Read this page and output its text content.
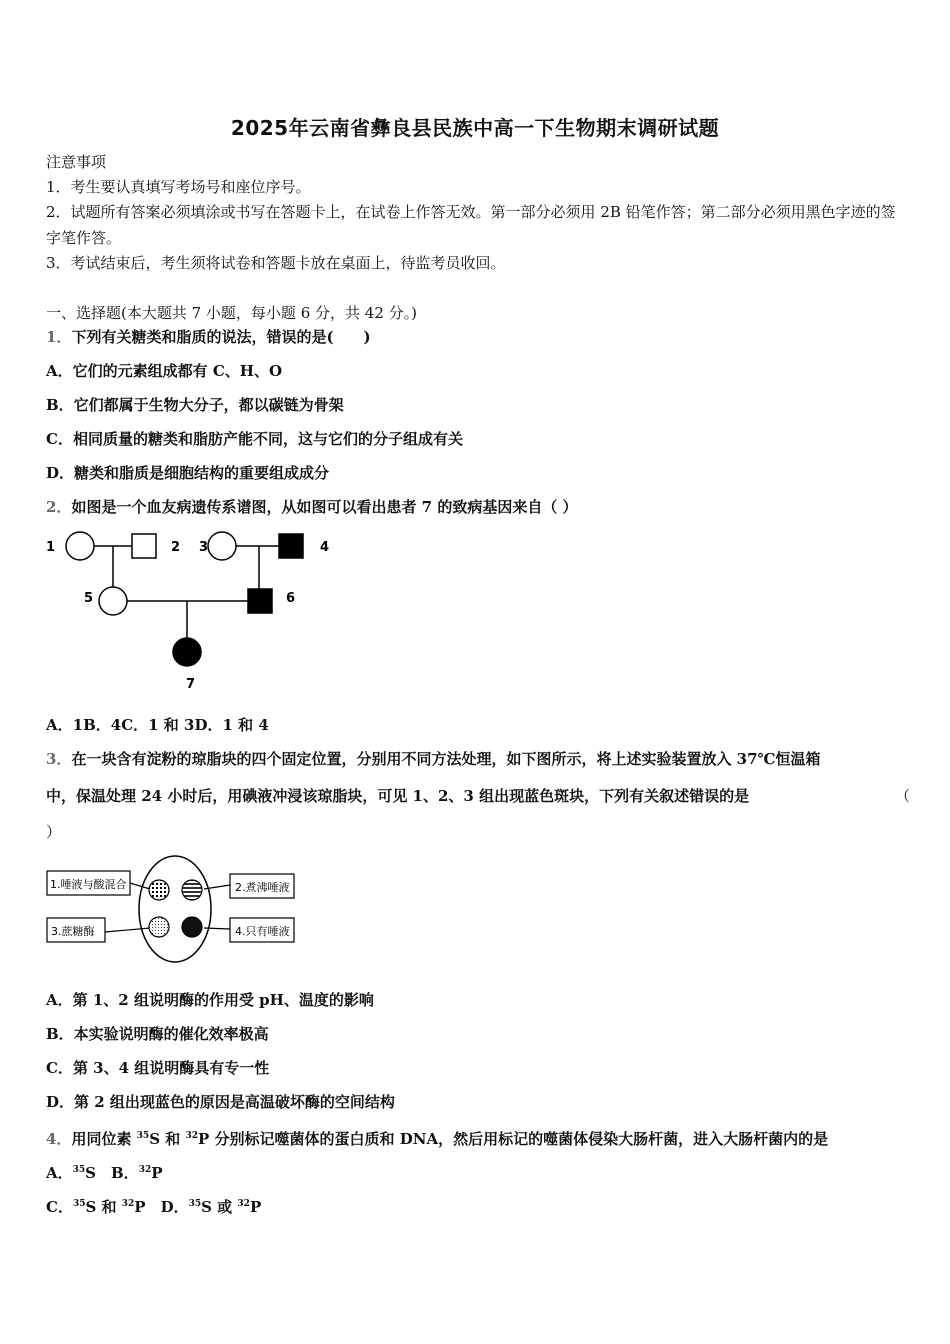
2025年云南省彝良县民族中高一下生物期末调研试题
注意事项
1．考生要认真填写考场号和座位序号。
2．试题所有答案必须填涂或书写在答题卡上，在试卷上作答无效。第一部分必须用 2B 铅笔作答；第二部分必须用黑色字迹的签字笔作答。
3．考试结束后，考生须将试卷和答题卡放在桌面上，待监考员收回。
一、选择题(本大题共 7 小题，每小题 6 分，共 42 分。)
1．下列有关糖类和脂质的说法，错误的是(　　)
A．它们的元素组成都有 C、H、O
B．它们都属于生物大分子，都以碳链为骨架
C．相同质量的糖类和脂肪产能不同，这与它们的分子组成有关
D．糖类和脂质是细胞结构的重要组成成分
2．如图是一个血友病遗传系谱图，从如图可以看出患者 7 的致病基因来自（ ）
1	2 3	4
5	6
7
A．1B．4C．1 和 3D．1 和 4
3．在一块含有淀粉的琼脂块的四个固定位置，分别用不同方法处理，如下图所示，将上述实验装置放入 37℃恒温箱
中，保温处理 24 小时后，用碘液冲浸该琼脂块，可见 1、2、3 组出现蓝色斑块，下列有关叙述错误的是	（
）
1.唾液与酸混合	2.煮沸唾液
3.蔗糖酶	4.只有唾液
A．第 1、2 组说明酶的作用受 pH、温度的影响
B．本实验说明酶的催化效率极高
C．第 3、4 组说明酶具有专一性
D．第 2 组出现蓝色的原因是高温破坏酶的空间结构
4．用同位素 $^{35}$S 和 $^{32}$P 分别标记噬菌体的蛋白质和 DNA，然后用标记的噬菌体侵染大肠杆菌，进入大肠杆菌内的是
A．$^{35}$S　B．$^{32}$P
C．$^{35}$S 和 $^{32}$P　D．$^{35}$S 或 $^{32}$P
